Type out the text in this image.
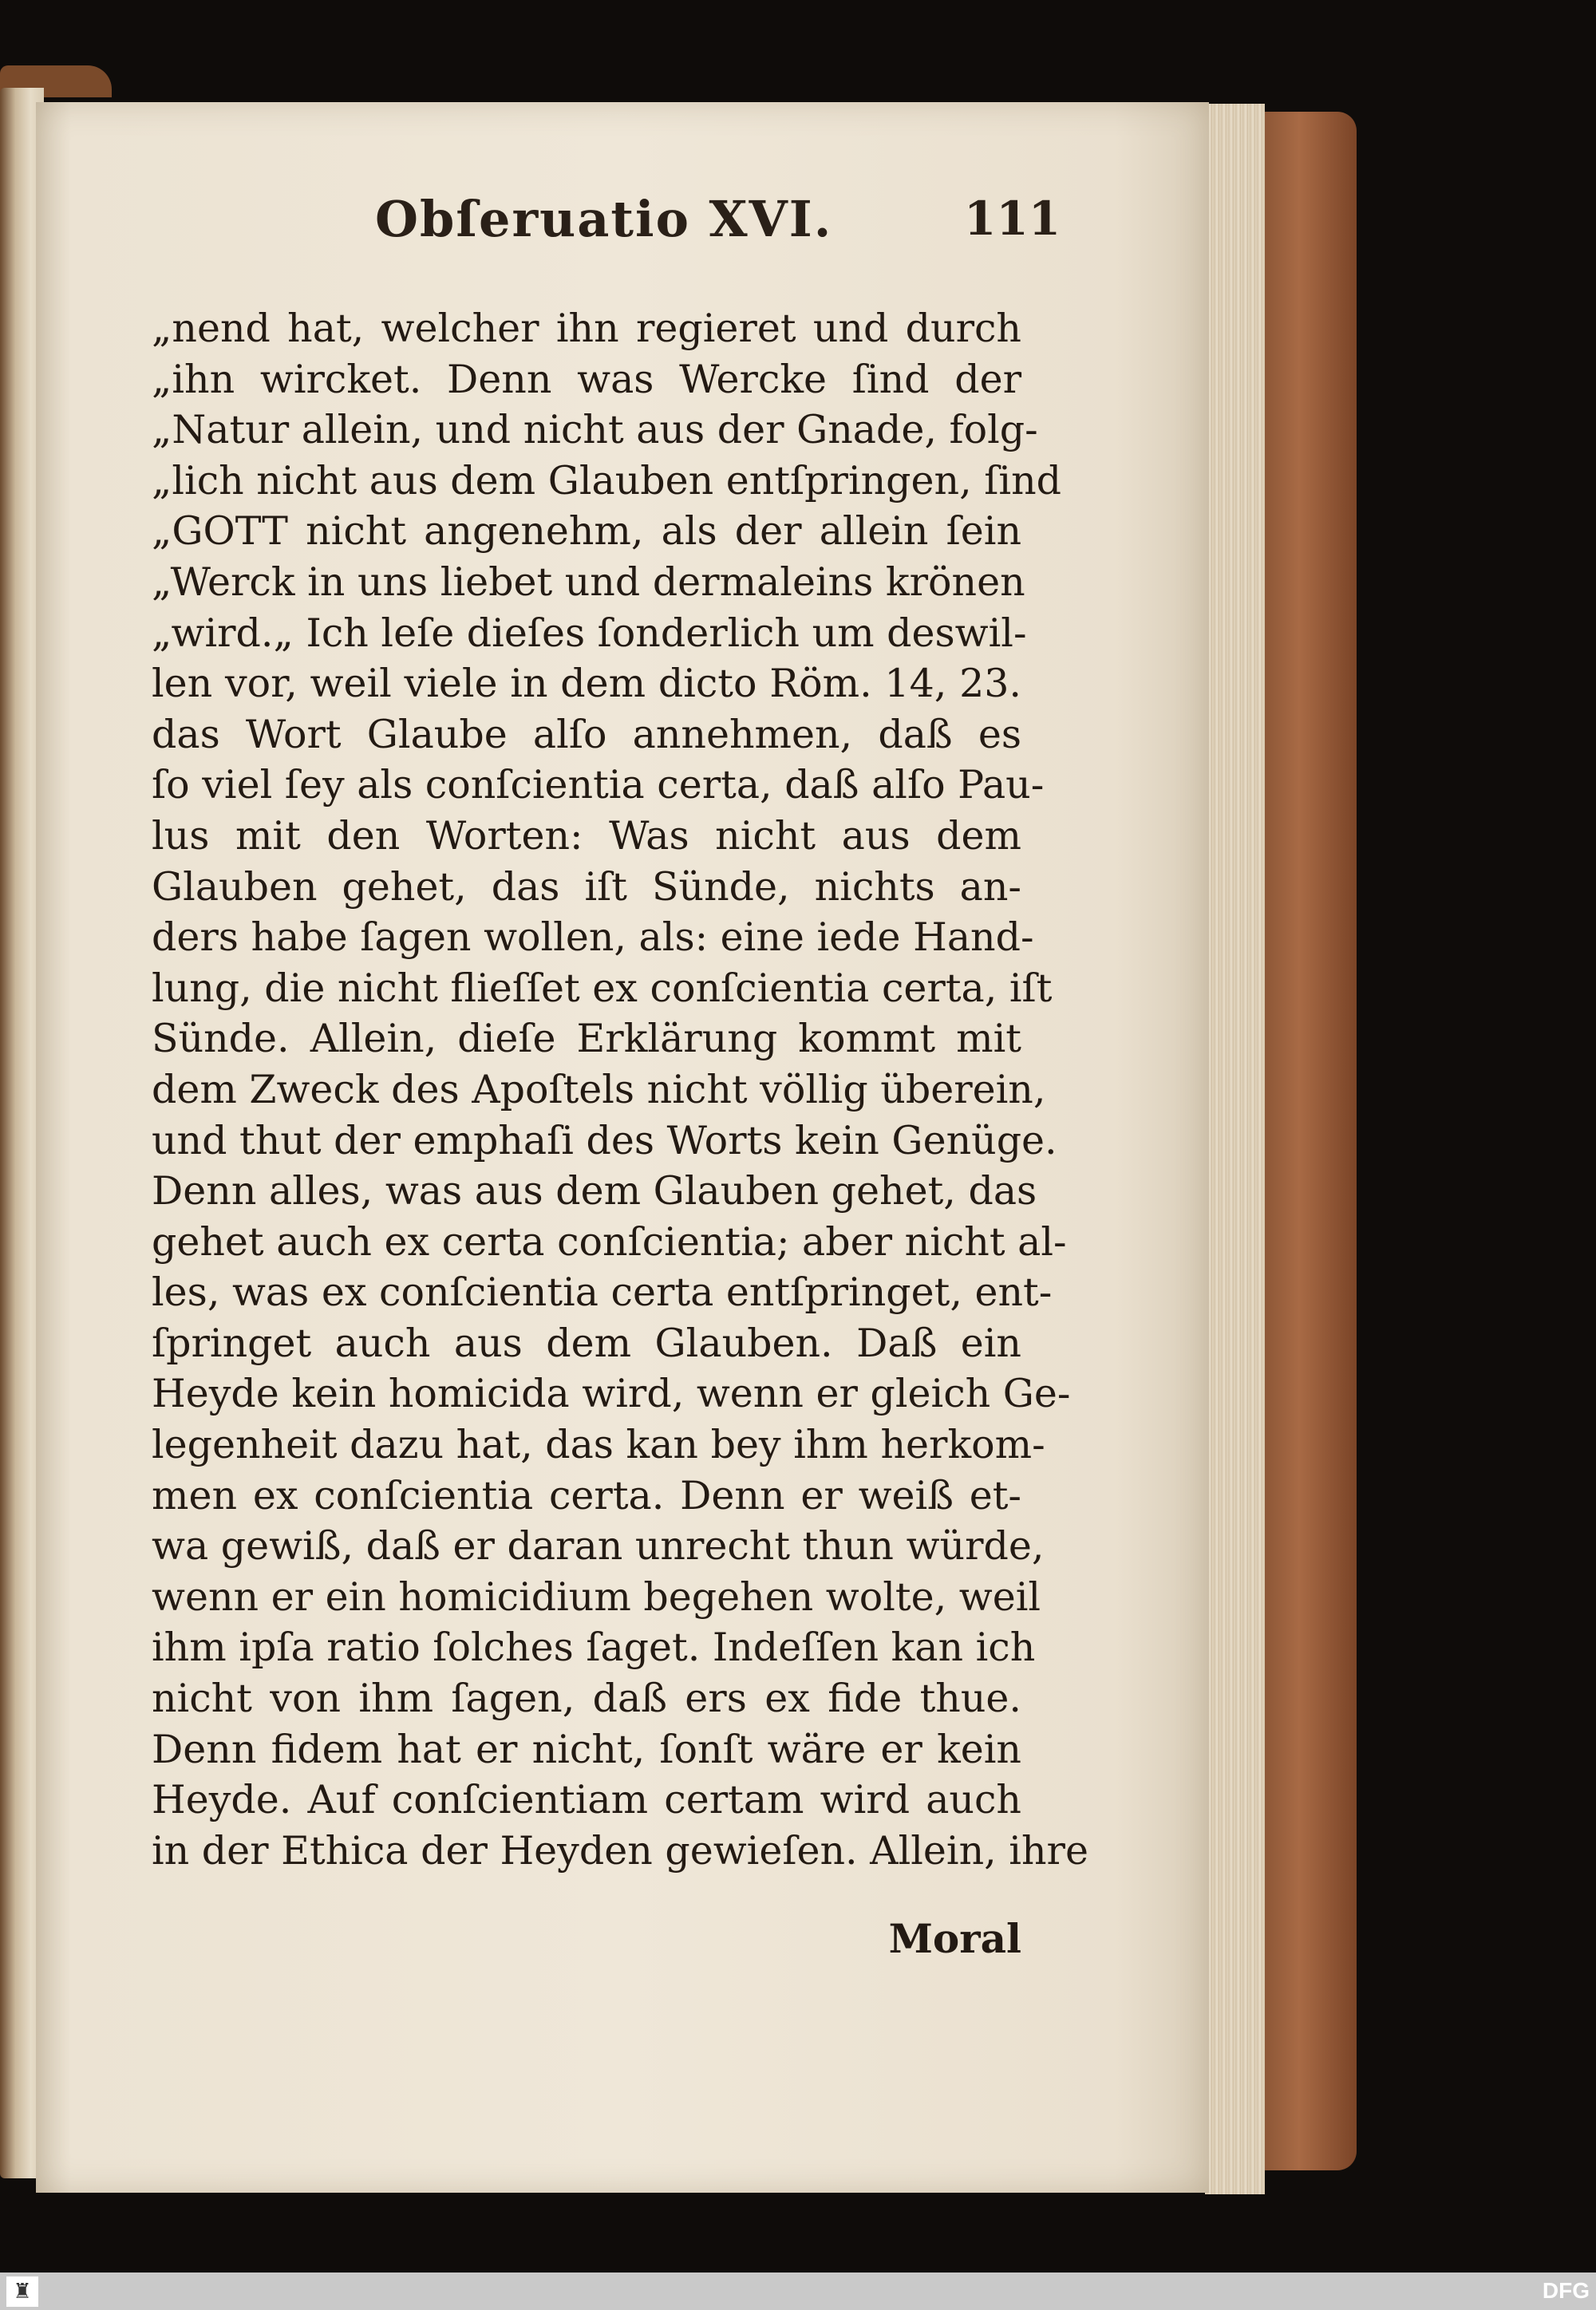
Obſeruatio XVI.	111
„nend hat, welcher ihn regieret und durch
„ihn wircket. Denn was Wercke ſind der
„Natur allein, und nicht aus der Gnade, folg-
„lich nicht aus dem Glauben entſpringen, ſind
„GOTT nicht angenehm, als der allein ſein
„Werck in uns liebet und dermaleins krönen
„wird.„ Ich leſe dieſes ſonderlich um deswil-
len vor, weil viele in dem dicto Röm. 14, 23.
das Wort Glaube alſo annehmen, daß es
ſo viel ſey als conſcientia certa, daß alſo Pau-
lus mit den Worten: Was nicht aus dem
Glauben gehet, das iſt Sünde, nichts an-
ders habe ſagen wollen, als: eine iede Hand-
lung, die nicht flieſſet ex conſcientia certa, iſt
Sünde. Allein, dieſe Erklärung kommt mit
dem Zweck des Apoſtels nicht völlig überein,
und thut der emphaſi des Worts kein Genüge.
Denn alles, was aus dem Glauben gehet, das
gehet auch ex certa conſcientia; aber nicht al-
les, was ex conſcientia certa entſpringet, ent-
ſpringet auch aus dem Glauben. Daß ein
Heyde kein homicida wird, wenn er gleich Ge-
legenheit dazu hat, das kan bey ihm herkom-
men ex conſcientia certa. Denn er weiß et-
wa gewiß, daß er daran unrecht thun würde,
wenn er ein homicidium begehen wolte, weil
ihm ipſa ratio ſolches ſaget. Indeſſen kan ich
nicht von ihm ſagen, daß ers ex fide thue.
Denn fidem hat er nicht, ſonſt wäre er kein
Heyde. Auf conſcientiam certam wird auch
in der Ethica der Heyden gewieſen. Allein, ihre
Moral
♜	DFG
